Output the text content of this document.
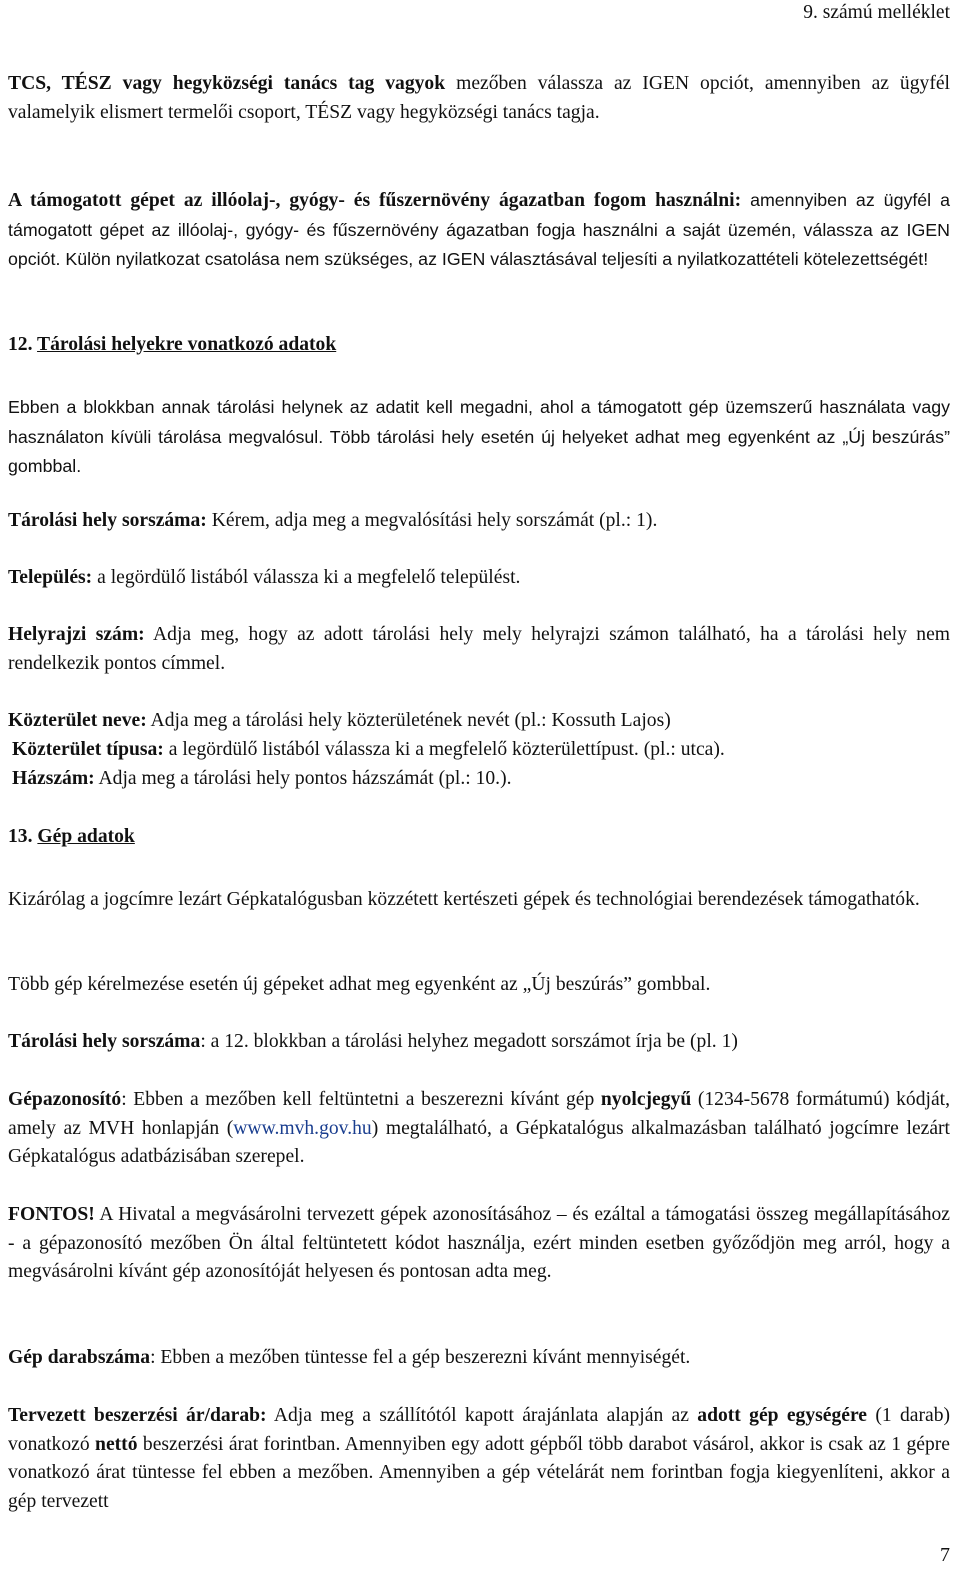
9. számú melléklet

TCS, TÉSZ vagy hegyközségi tanács tag vagyok mezőben válassza az IGEN opciót, amennyiben az ügyfél valamelyik elismert termelői csoport, TÉSZ vagy hegyközségi tanács tagja.

A támogatott gépet az illóolaj-, gyógy- és fűszernövény ágazatban fogom használni: amennyiben az ügyfél a támogatott gépet az illóolaj-, gyógy- és fűszernövény ágazatban fogja használni a saját üzemén, válassza az IGEN opciót. Külön nyilatkozat csatolása nem szükséges, az IGEN választásával teljesíti a nyilatkozattételi kötelezettségét!

12. Tárolási helyekre vonatkozó adatok

Ebben a blokkban annak tárolási helynek az adatit kell megadni, ahol a támogatott gép üzemszerű használata vagy használaton kívüli tárolása megvalósul. Több tárolási hely esetén új helyeket adhat meg egyenként az „Új beszúrás” gombbal.

Tárolási hely sorszáma: Kérem, adja meg a megvalósítási hely sorszámát (pl.: 1).

Település: a legördülő listából válassza ki a megfelelő települést.

Helyrajzi szám: Adja meg, hogy az adott tárolási hely mely helyrajzi számon található, ha a tárolási hely nem rendelkezik pontos címmel.

Közterület neve: Adja meg a tárolási hely közterületének nevét (pl.: Kossuth Lajos)

Közterület típusa: a legördülő listából válassza ki a megfelelő közterülettípust. (pl.: utca).

Házszám: Adja meg a tárolási hely pontos házszámát (pl.: 10.).

13. Gép adatok

Kizárólag a jogcímre lezárt Gépkatalógusban közzétett kertészeti gépek és technológiai berendezések támogathatók.

Több gép kérelmezése esetén új gépeket adhat meg egyenként az „Új beszúrás” gombbal.

Tárolási hely sorszáma: a 12. blokkban a tárolási helyhez megadott sorszámot írja be (pl. 1)

Gépazonosító: Ebben a mezőben kell feltüntetni a beszerezni kívánt gép nyolcjegyű (1234-5678 formátumú) kódját, amely az MVH honlapján (www.mvh.gov.hu) megtalálható, a Gépkatalógus alkalmazásban található jogcímre lezárt Gépkatalógus adatbázisában szerepel.

FONTOS! A Hivatal a megvásárolni tervezett gépek azonosításához – és ezáltal a támogatási összeg megállapításához - a gépazonosító mezőben Ön által feltüntetett kódot használja, ezért minden esetben győződjön meg arról, hogy a megvásárolni kívánt gép azonosítóját helyesen és pontosan adta meg.

Gép darabszáma: Ebben a mezőben tüntesse fel a gép beszerezni kívánt mennyiségét.

Tervezett beszerzési ár/darab: Adja meg a szállítótól kapott árajánlata alapján az adott gép egységére (1 darab) vonatkozó nettó beszerzési árat forintban. Amennyiben egy adott gépből több darabot vásárol, akkor is csak az 1 gépre vonatkozó árat tüntesse fel ebben a mezőben. Amennyiben a gép vételárát nem forintban fogja kiegyenlíteni, akkor a gép tervezett

7
